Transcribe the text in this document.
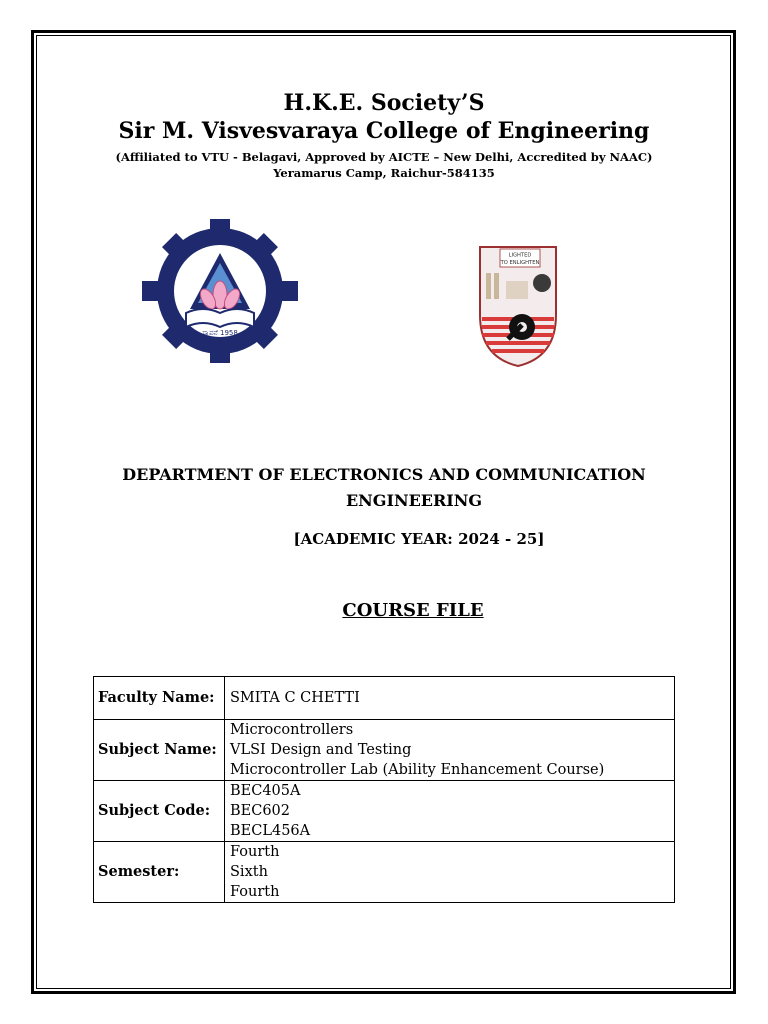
H.K.E. Society’S
Sir M. Visvesvaraya College of Engineering
(Affiliated to VTU - Belagavi, Approved by AICTE – New Delhi, Accredited by NAAC)
Yeramarus Camp, Raichur-584135
ಸ್ಥಾಪನೆ 1958
LIGHTED
TO ENLIGHTEN
DEPARTMENT OF ELECTRONICS AND COMMUNICATION
ENGINEERING
[ACADEMIC YEAR: 2024 - 25]
COURSE FILE
Faculty Name:	SMITA C CHETTI
Subject Name:	Microcontrollers
VLSI Design and Testing
Microcontroller Lab (Ability Enhancement Course)

Subject Code:	BEC405A
BEC602
BECL456A

Semester:	Fourth
Sixth
Fourth
